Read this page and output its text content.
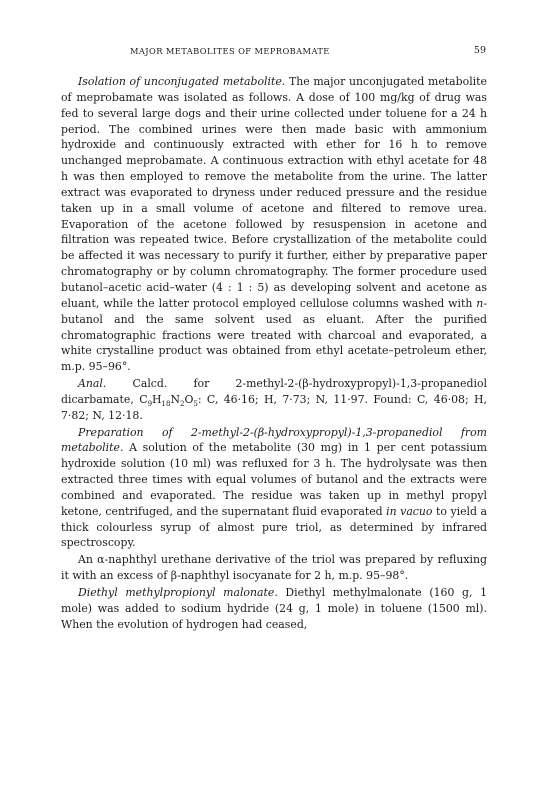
MAJOR METABOLITES OF MEPROBAMATE	59

Isolation of unconjugated metabolite. The major unconjugated metabolite of meprobamate was isolated as follows. A dose of 100 mg/kg of drug was fed to several large dogs and their urine collected under toluene for a 24 h period. The combined urines were then made basic with ammonium hydroxide and continuously extracted with ether for 16 h to remove unchanged meprobamate. A continuous extraction with ethyl acetate for 48 h was then employed to remove the metabolite from the urine. The latter extract was evaporated to dryness under reduced pressure and the residue taken up in a small volume of acetone and filtered to remove urea. Evaporation of the acetone followed by resuspension in acetone and filtration was repeated twice. Before crystallization of the metabolite could be affected it was necessary to purify it further, either by preparative paper chromatography or by column chromatography. The former procedure used butanol–acetic acid–water (4 : 1 : 5) as developing solvent and acetone as eluant, while the latter protocol employed cellulose columns washed with n-butanol and the same solvent used as eluant. After the purified chromatographic fractions were treated with charcoal and evaporated, a white crystalline product was obtained from ethyl acetate–petroleum ether, m.p. 95–96°.

Anal. Calcd. for 2-methyl-2-(β-hydroxypropyl)-1,3-propanediol dicarbamate, $C_9H_{18}N_2O_5$: C, 46·16; H, 7·73; N, 11·97. Found: C, 46·08; H, 7·82; N, 12·18.

Preparation of 2-methyl-2-(β-hydroxypropyl)-1,3-propanediol from metabolite. A solution of the metabolite (30 mg) in 1 per cent potassium hydroxide solution (10 ml) was refluxed for 3 h. The hydrolysate was then extracted three times with equal volumes of butanol and the extracts were combined and evaporated. The residue was taken up in methyl propyl ketone, centrifuged, and the supernatant fluid evaporated in vacuo to yield a thick colourless syrup of almost pure triol, as determined by infrared spectroscopy.

An α-naphthyl urethane derivative of the triol was prepared by refluxing it with an excess of β-naphthyl isocyanate for 2 h, m.p. 95–98°.

Diethyl methylpropionyl malonate. Diethyl methylmalonate (160 g, 1 mole) was added to sodium hydride (24 g, 1 mole) in toluene (1500 ml). When the evolution of hydrogen had ceased,
